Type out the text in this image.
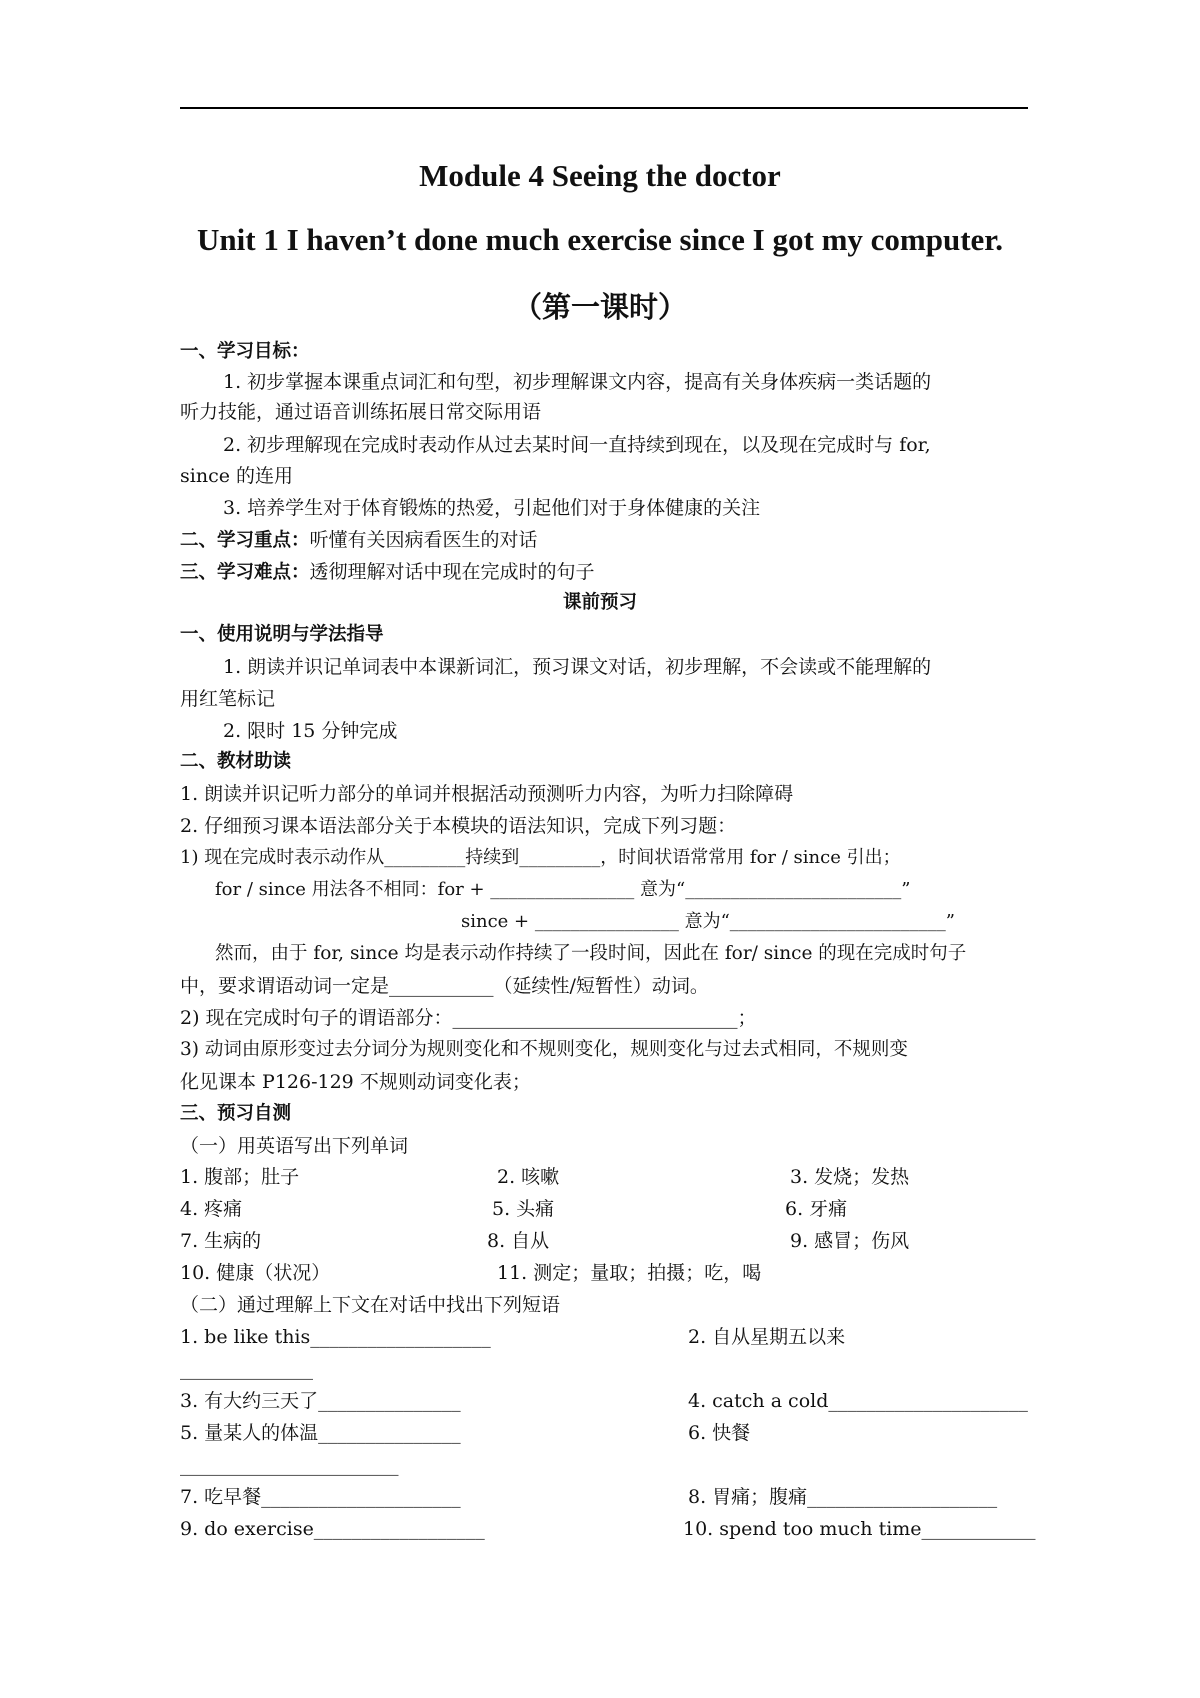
Module 4 Seeing the doctor
Unit 1 I haven’t done much exercise since I got my computer.
（第一课时）
一、学习目标：
1. 初步掌握本课重点词汇和句型，初步理解课文内容，提高有关身体疾病一类话题的
听力技能，通过语音训练拓展日常交际用语
2. 初步理解现在完成时表动作从过去某时间一直持续到现在，以及现在完成时与 for,
since 的连用
3. 培养学生对于体育锻炼的热爱，引起他们对于身体健康的关注
二、学习重点：听懂有关因病看医生的对话
三、学习难点：透彻理解对话中现在完成时的句子
课前预习
一、使用说明与学法指导
1. 朗读并识记单词表中本课新词汇，预习课文对话，初步理解，不会读或不能理解的
用红笔标记
2. 限时 15 分钟完成
二、教材助读
1. 朗读并识记听力部分的单词并根据活动预测听力内容，为听力扫除障碍
2. 仔细预习课本语法部分关于本模块的语法知识，完成下列习题：
1) 现在完成时表示动作从_________持续到_________，时间状语常常用 for / since 引出；
for / since 用法各不相同：for + ________________ 意为“________________________”
since + ________________ 意为“________________________”
然而，由于 for, since 均是表示动作持续了一段时间，因此在 for/ since 的现在完成时句子
中，要求谓语动词一定是___________（延续性/短暂性）动词。
2) 现在完成时句子的谓语部分：______________________________；
3) 动词由原形变过去分词分为规则变化和不规则变化，规则变化与过去式相同，不规则变
化见课本 P126-129 不规则动词变化表；
三、预习自测
（一）用英语写出下列单词
1. 腹部；肚子	2. 咳嗽	3. 发烧；发热
4. 疼痛	5. 头痛	6. 牙痛
7. 生病的	8. 自从	9. 感冒；伤风
10. 健康（状况）	11. 测定；量取；拍摄；吃，喝
（二）通过理解上下文在对话中找出下列短语
1. be like this___________________	2. 自从星期五以来
______________
3. 有大约三天了_______________	4. catch a cold_____________________
5. 量某人的体温_______________	6. 快餐
_______________________
7. 吃早餐_____________________	8. 胃痛；腹痛____________________
9. do exercise__________________	10. spend too much time____________
